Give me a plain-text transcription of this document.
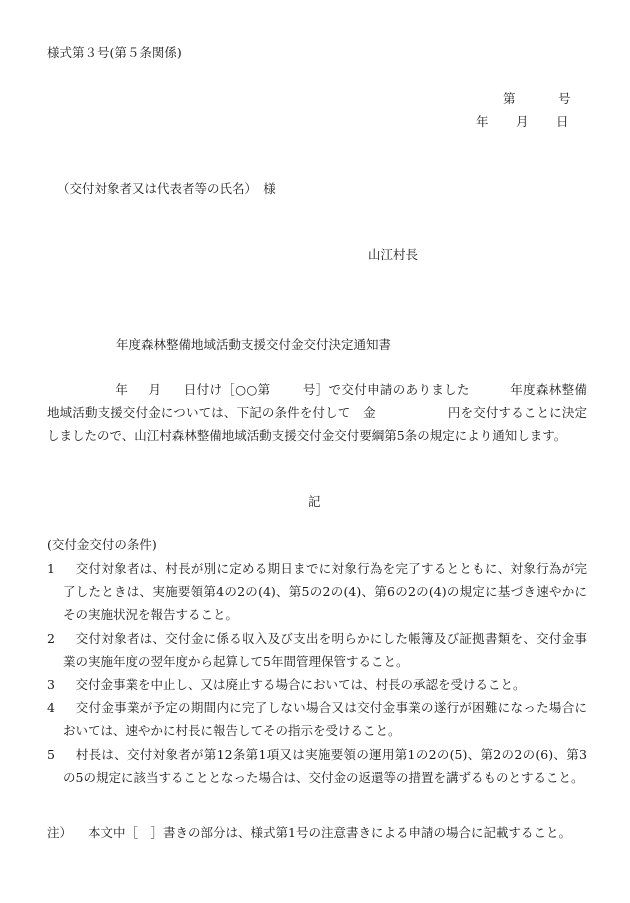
様式第３号(第５条関係)
第	号
年 月 日
（交付対象者又は代表者等の氏名）　様
山江村長
年度森林整備地域活動支援交付金交付決定通知書
年 月 日付け［○○第	号］で交付申請のありました	年度森林整備地域活動支援交付金については、下記の条件を付して　金	円を交付することに決定しましたので、山江村森林整備地域活動支援交付金交付要綱第5条の規定により通知します。
記
(交付金交付の条件)
1 交付対象者は、村長が別に定める期日までに対象行為を完了するとともに、対象行為が完了したときは、実施要領第4の2の(4)、第5の2の(4)、第6の2の(4)の規定に基づき速やかにその実施状況を報告すること。
2 交付対象者は、交付金に係る収入及び支出を明らかにした帳簿及び証拠書類を、交付金事業の実施年度の翌年度から起算して5年間管理保管すること。
3 交付金事業を中止し、又は廃止する場合においては、村長の承認を受けること。
4 交付金事業が予定の期間内に完了しない場合又は交付金事業の遂行が困難になった場合においては、速やかに村長に報告してその指示を受けること。
5 村長は、交付対象者が第12条第1項又は実施要領の運用第1の2の(5)、第2の2の(6)、第3の5の規定に該当することとなった場合は、交付金の返還等の措置を講ずるものとすること。
注） 本文中［　］書きの部分は、様式第1号の注意書きによる申請の場合に記載すること。
